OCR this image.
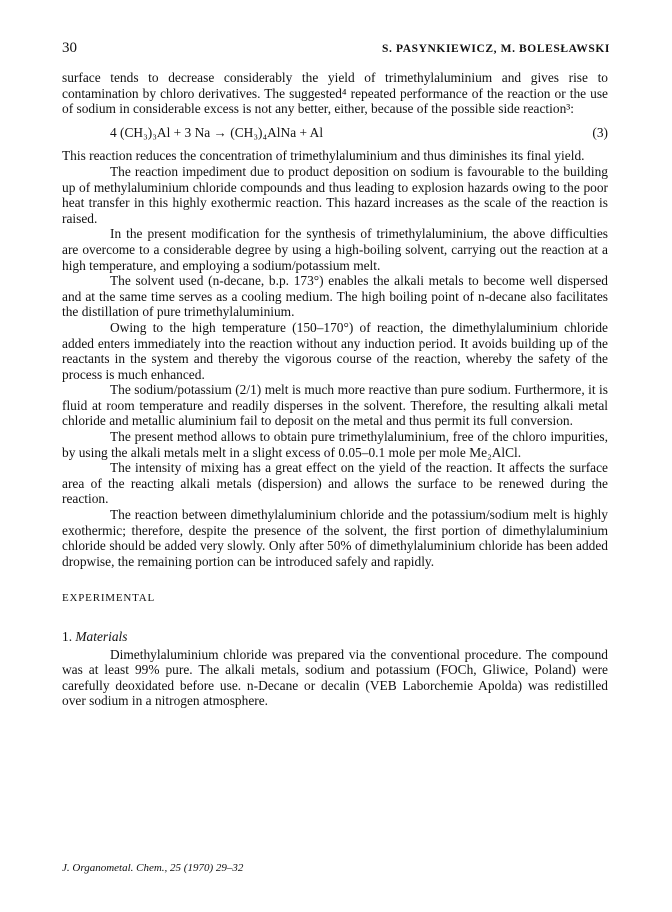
30	S. PASYNKIEWICZ, M. BOLESŁAWSKI

surface tends to decrease considerably the yield of trimethylaluminium and gives rise to contamination by chloro derivatives. The suggested⁴ repeated performance of the reaction or the use of sodium in considerable excess is not any better, either, because of the possible side reaction³:

4 (CH₃)₃Al + 3 Na → (CH₃)₄AlNa + Al	(3)

This reaction reduces the concentration of trimethylaluminium and thus diminishes its final yield.

The reaction impediment due to product deposition on sodium is favourable to the building up of methylaluminium chloride compounds and thus leading to explosion hazards owing to the poor heat transfer in this highly exothermic reaction. This hazard increases as the scale of the reaction is raised.

In the present modification for the synthesis of trimethylaluminium, the above difficulties are overcome to a considerable degree by using a high-boiling solvent, carrying out the reaction at a high temperature, and employing a sodium/potassium melt.

The solvent used (n-decane, b.p. 173°) enables the alkali metals to become well dispersed and at the same time serves as a cooling medium. The high boiling point of n-decane also facilitates the distillation of pure trimethylaluminium.

Owing to the high temperature (150–170°) of reaction, the dimethylaluminium chloride added enters immediately into the reaction without any induction period. It avoids building up of the reactants in the system and thereby the vigorous course of the reaction, whereby the safety of the process is much enhanced.

The sodium/potassium (2/1) melt is much more reactive than pure sodium. Furthermore, it is fluid at room temperature and readily disperses in the solvent. Therefore, the resulting alkali metal chloride and metallic aluminium fail to deposit on the metal and thus permit its full conversion.

The present method allows to obtain pure trimethylaluminium, free of the chloro impurities, by using the alkali metals melt in a slight excess of 0.05–0.1 mole per mole Me₂AlCl.

The intensity of mixing has a great effect on the yield of the reaction. It affects the surface area of the reacting alkali metals (dispersion) and allows the surface to be renewed during the reaction.

The reaction between dimethylaluminium chloride and the potassium/sodium melt is highly exothermic; therefore, despite the presence of the solvent, the first portion of dimethylaluminium chloride should be added very slowly. Only after 50% of dimethylaluminium chloride has been added dropwise, the remaining portion can be introduced safely and rapidly.

EXPERIMENTAL
1. Materials

Dimethylaluminium chloride was prepared via the conventional procedure. The compound was at least 99% pure. The alkali metals, sodium and potassium (FOCh, Gliwice, Poland) were carefully deoxidated before use. n-Decane or decalin (VEB Laborchemie Apolda) was redistilled over sodium in a nitrogen atmosphere.

J. Organometal. Chem., 25 (1970) 29–32
